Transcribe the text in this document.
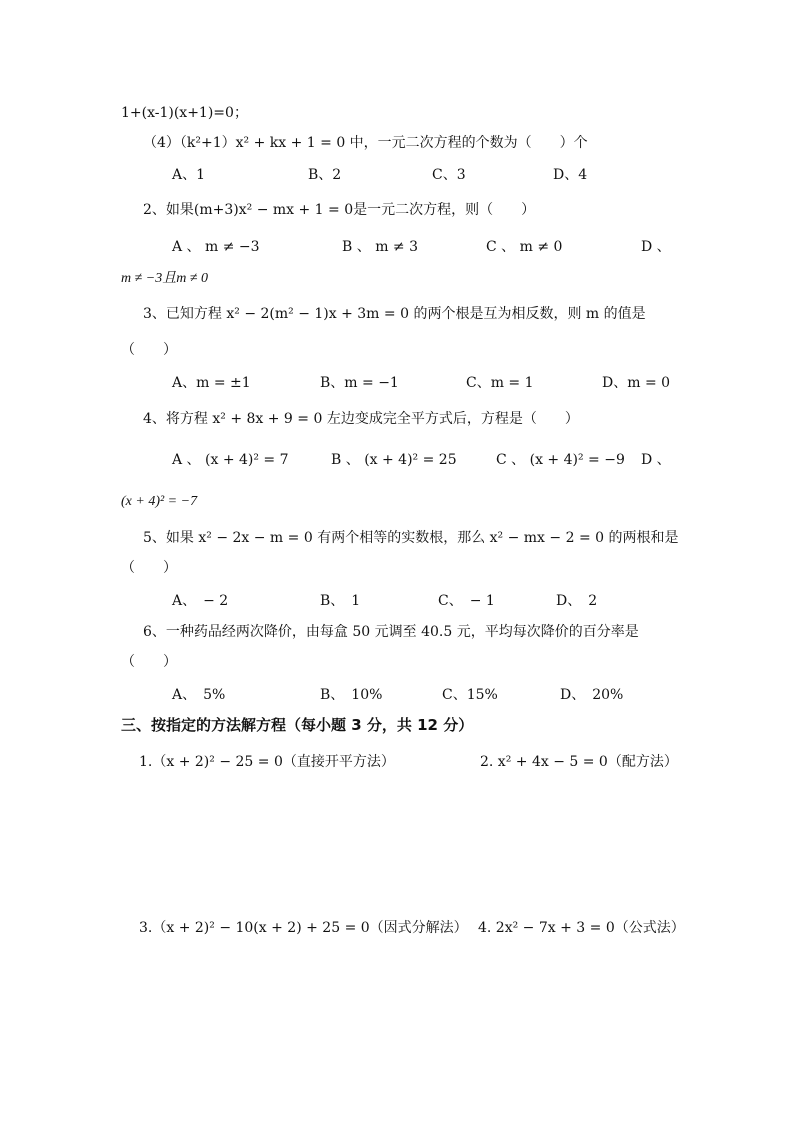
1+(x-1)(x+1)=0；
（4）（k²+1）x² + kx + 1 = 0 中，一元二次方程的个数为（　　）个
A、1	B、2	C、3	D、4
2、如果(m+3)x² − mx + 1 = 0是一元二次方程，则（　　）
A 、 m ≠ −3	B 、 m ≠ 3	C 、 m ≠ 0	D 、
m ≠ −3且m ≠ 0
3、已知方程 x² − 2(m² − 1)x + 3m = 0 的两个根是互为相反数，则 m 的值是
（　　）
A、m = ±1	B、m = −1	C、m = 1	D、m = 0
4、将方程 x² + 8x + 9 = 0 左边变成完全平方式后，方程是（　　）
A 、 (x + 4)² = 7	B 、 (x + 4)² = 25	C 、 (x + 4)² = −9 D 、
(x + 4)² = −7
5、如果 x² − 2x − m = 0 有两个相等的实数根，那么 x² − mx − 2 = 0 的两根和是
（　　）
A、　− 2	B、　1	C、　− 1	D、　2
6、一种药品经两次降价，由每盒 50 元调至 40.5 元，平均每次降价的百分率是
（　　）
A、　5%	B、　10%	C、15%	D、　20%
三、按指定的方法解方程（每小题 3 分，共 12 分）
1.（x + 2)² − 25 = 0（直接开平方法）	2. x² + 4x − 5 = 0（配方法）
3.（x + 2)² − 10(x + 2) + 25 = 0（因式分解法） 4. 2x² − 7x + 3 = 0（公式法）
